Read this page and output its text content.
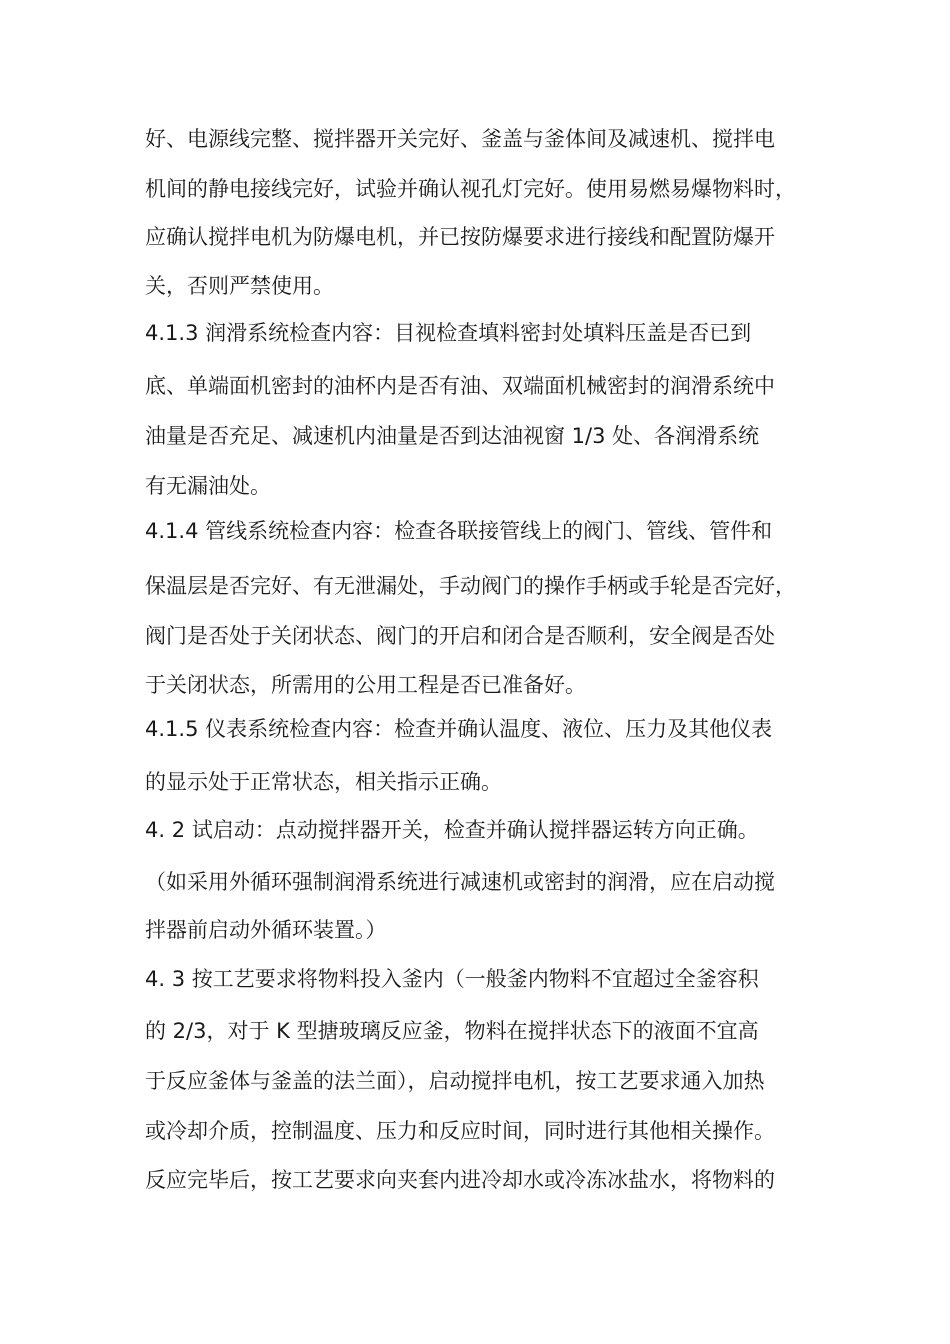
好、电源线完整、搅拌器开关完好、釜盖与釜体间及减速机、搅拌电
机间的静电接线完好，试验并确认视孔灯完好。使用易燃易爆物料时，
应确认搅拌电机为防爆电机，并已按防爆要求进行接线和配置防爆开
关，否则严禁使用。
4.1.3 润滑系统检查内容：目视检查填料密封处填料压盖是否已到
底、单端面机密封的油杯内是否有油、双端面机械密封的润滑系统中
油量是否充足、减速机内油量是否到达油视窗 1/3 处、各润滑系统
有无漏油处。
4.1.4 管线系统检查内容：检查各联接管线上的阀门、管线、管件和
保温层是否完好、有无泄漏处，手动阀门的操作手柄或手轮是否完好，
阀门是否处于关闭状态、阀门的开启和闭合是否顺利，安全阀是否处
于关闭状态，所需用的公用工程是否已准备好。
4.1.5 仪表系统检查内容：检查并确认温度、液位、压力及其他仪表
的显示处于正常状态，相关指示正确。
4. 2 试启动：点动搅拌器开关，检查并确认搅拌器运转方向正确。
（如采用外循环强制润滑系统进行减速机或密封的润滑，应在启动搅
拌器前启动外循环装置。）
4. 3 按工艺要求将物料投入釜内（一般釜内物料不宜超过全釜容积
的 2/3，对于 K 型搪玻璃反应釜，物料在搅拌状态下的液面不宜高
于反应釜体与釜盖的法兰面），启动搅拌电机，按工艺要求通入加热
或冷却介质，控制温度、压力和反应时间，同时进行其他相关操作。
反应完毕后，按工艺要求向夹套内进冷却水或冷冻冰盐水，将物料的
